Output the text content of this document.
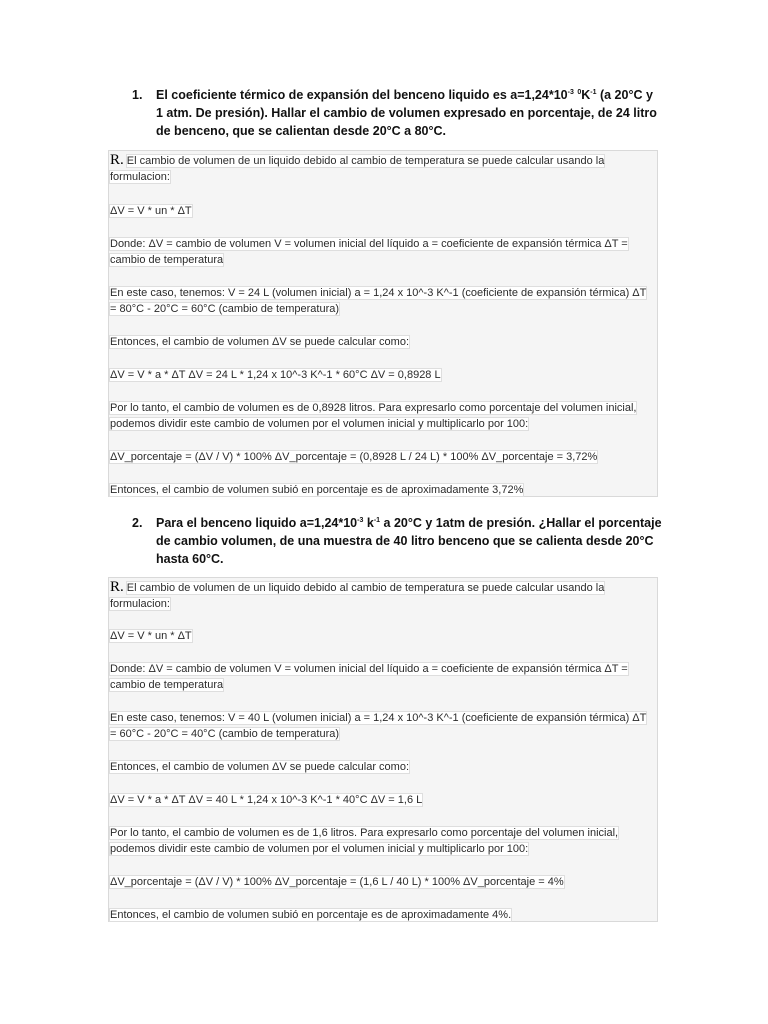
1.	El coeficiente térmico de expansión del benceno liquido es $a=1,24*10^{-3}$ $^0K^{-1}$ (a 20°C y 1 atm. De presión). Hallar el cambio de volumen expresado en porcentaje, de 24 litro de benceno, que se calientan desde 20°C a 80°C.
R. El cambio de volumen de un liquido debido al cambio de temperatura se puede calcular usando la formulacion:
ΔV = V * un * ΔT
Donde: ΔV = cambio de volumen V = volumen inicial del líquido a = coeficiente de expansión térmica ΔT = cambio de temperatura
En este caso, tenemos: V = 24 L (volumen inicial) a = 1,24 x 10^-3 K^-1 (coeficiente de expansión térmica) ΔT = 80°C - 20°C = 60°C (cambio de temperatura)
Entonces, el cambio de volumen ΔV se puede calcular como:
ΔV = V * a * ΔT ΔV = 24 L * 1,24 x 10^-3 K^-1 * 60°C ΔV = 0,8928 L
Por lo tanto, el cambio de volumen es de 0,8928 litros. Para expresarlo como porcentaje del volumen inicial, podemos dividir este cambio de volumen por el volumen inicial y multiplicarlo por 100:
ΔV_porcentaje = (ΔV / V) * 100% ΔV_porcentaje = (0,8928 L / 24 L) * 100% ΔV_porcentaje = 3,72%
Entonces, el cambio de volumen subió en porcentaje es de aproximadamente 3,72%
2.	Para el benceno liquido $a=1,24*10^{-3}$ $k^{-1}$ a 20°C y 1atm de presión. ¿Hallar el porcentaje de cambio volumen, de una muestra de 40 litro benceno que se calienta desde 20°C hasta 60°C.
R. El cambio de volumen de un liquido debido al cambio de temperatura se puede calcular usando la formulacion:
ΔV = V * un * ΔT
Donde: ΔV = cambio de volumen V = volumen inicial del líquido a = coeficiente de expansión térmica ΔT = cambio de temperatura
En este caso, tenemos: V = 40 L (volumen inicial) a = 1,24 x 10^-3 K^-1 (coeficiente de expansión térmica) ΔT = 60°C - 20°C = 40°C (cambio de temperatura)
Entonces, el cambio de volumen ΔV se puede calcular como:
ΔV = V * a * ΔT ΔV = 40 L * 1,24 x 10^-3 K^-1 * 40°C ΔV = 1,6 L
Por lo tanto, el cambio de volumen es de 1,6 litros. Para expresarlo como porcentaje del volumen inicial, podemos dividir este cambio de volumen por el volumen inicial y multiplicarlo por 100:
ΔV_porcentaje = (ΔV / V) * 100% ΔV_porcentaje = (1,6 L / 40 L) * 100% ΔV_porcentaje = 4%
Entonces, el cambio de volumen subió en porcentaje es de aproximadamente 4%.
